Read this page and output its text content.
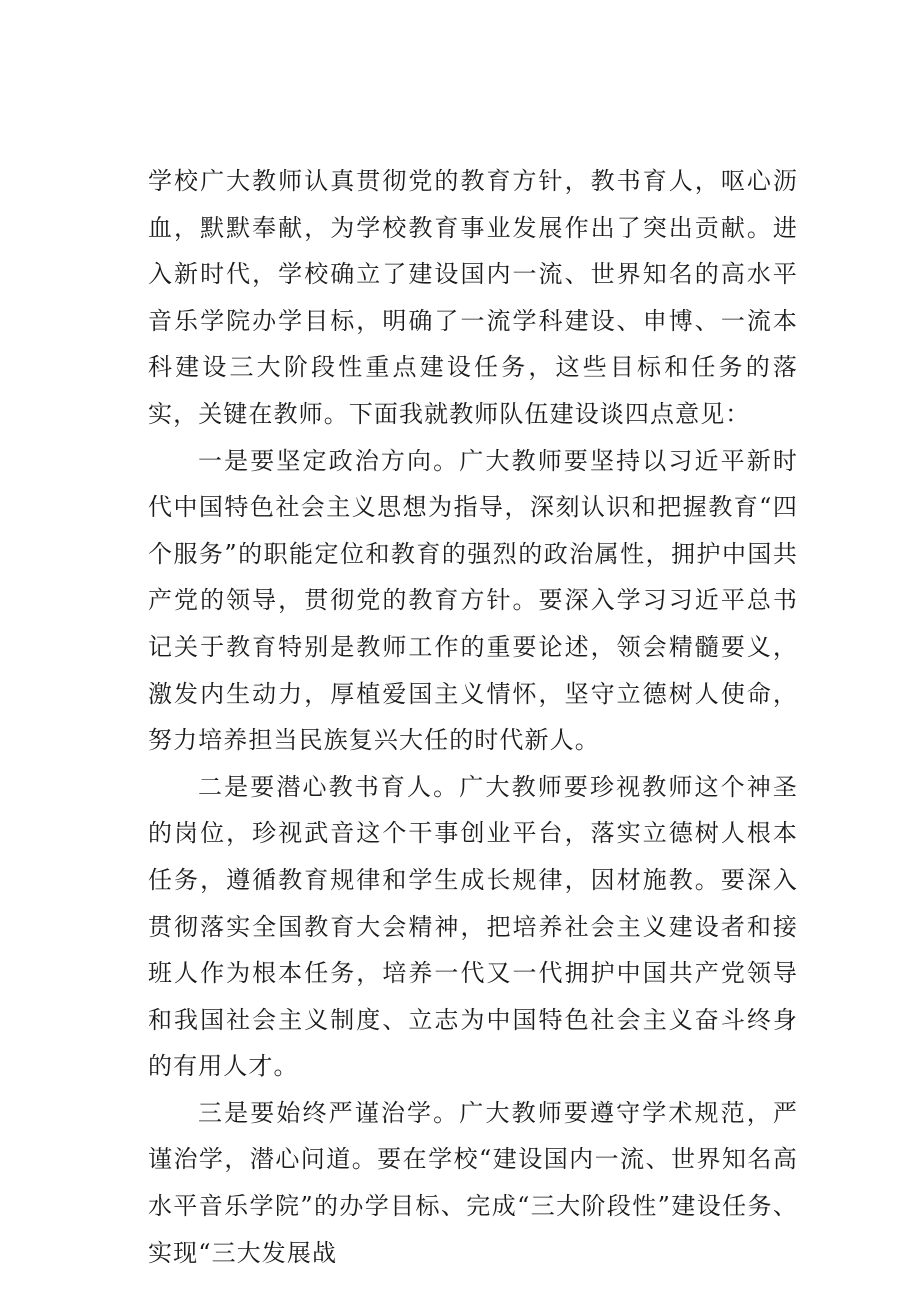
学校广大教师认真贯彻党的教育方针，教书育人，呕心沥血，默默奉献，为学校教育事业发展作出了突出贡献。进入新时代，学校确立了建设国内一流、世界知名的高水平音乐学院办学目标，明确了一流学科建设、申博、一流本科建设三大阶段性重点建设任务，这些目标和任务的落实，关键在教师。下面我就教师队伍建设谈四点意见：

一是要坚定政治方向。广大教师要坚持以习近平新时代中国特色社会主义思想为指导，深刻认识和把握教育“四个服务”的职能定位和教育的强烈的政治属性，拥护中国共产党的领导，贯彻党的教育方针。要深入学习习近平总书记关于教育特别是教师工作的重要论述，领会精髓要义，激发内生动力，厚植爱国主义情怀，坚守立德树人使命，努力培养担当民族复兴大任的时代新人。

二是要潜心教书育人。广大教师要珍视教师这个神圣的岗位，珍视武音这个干事创业平台，落实立德树人根本任务，遵循教育规律和学生成长规律，因材施教。要深入贯彻落实全国教育大会精神，把培养社会主义建设者和接班人作为根本任务，培养一代又一代拥护中国共产党领导和我国社会主义制度、立志为中国特色社会主义奋斗终身的有用人才。

三是要始终严谨治学。广大教师要遵守学术规范，严谨治学，潜心问道。要在学校“建设国内一流、世界知名高水平音乐学院”的办学目标、完成“三大阶段性”建设任务、实现“三大发展战
